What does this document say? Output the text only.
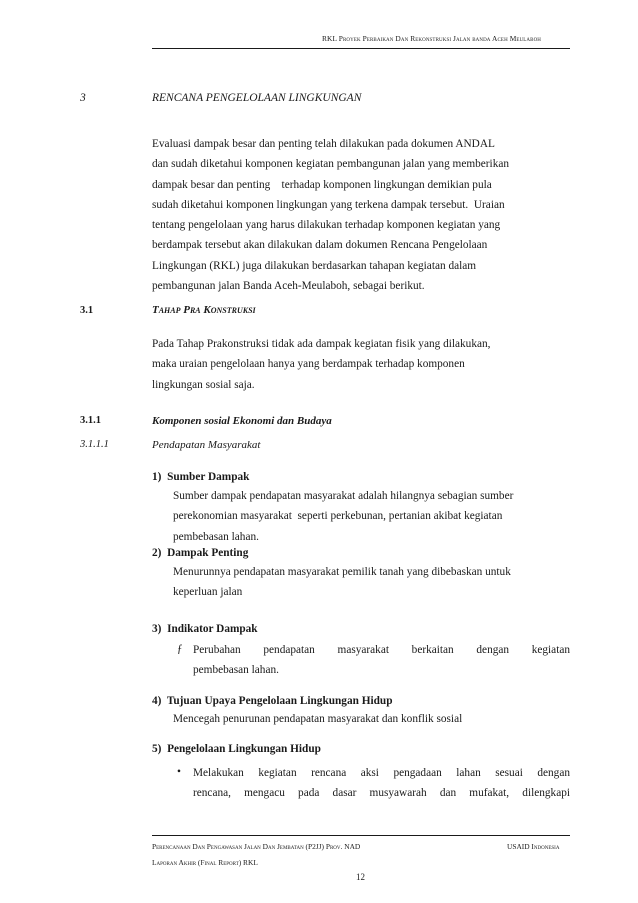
RKL Proyek Perbaikan Dan Rekonstruksi Jalan banda Aceh Meulaboh
3	RENCANA PENGELOLAAN LINGKUNGAN
Evaluasi dampak besar dan penting telah dilakukan pada dokumen ANDAL
dan sudah diketahui komponen kegiatan pembangunan jalan yang memberikan
dampak besar dan penting    terhadap komponen lingkungan demikian pula
sudah diketahui komponen lingkungan yang terkena dampak tersebut.  Uraian
tentang pengelolaan yang harus dilakukan terhadap komponen kegiatan yang
berdampak tersebut akan dilakukan dalam dokumen Rencana Pengelolaan
Lingkungan (RKL) juga dilakukan berdasarkan tahapan kegiatan dalam
pembangunan jalan Banda Aceh-Meulaboh, sebagai berikut.
3.1	Tahap Pra Konstruksi
Pada Tahap Prakonstruksi tidak ada dampak kegiatan fisik yang dilakukan,
maka uraian pengelolaan hanya yang berdampak terhadap komponen
lingkungan sosial saja.
3.1.1	Komponen sosial Ekonomi dan Budaya
3.1.1.1	Pendapatan Masyarakat
1) Sumber Dampak
Sumber dampak pendapatan masyarakat adalah hilangnya sebagian sumber
perekonomian masyarakat  seperti perkebunan, pertanian akibat kegiatan
pembebasan lahan.
2) Dampak Penting
Menurunnya pendapatan masyarakat pemilik tanah yang dibebaskan untuk
keperluan jalan
3) Indikator Dampak
ƒ Perubahan pendapatan masyarakat berkaitan dengan kegiatan
pembebasan lahan.
4) Tujuan Upaya Pengelolaan Lingkungan Hidup
Mencegah penurunan pendapatan masyarakat dan konflik sosial
5) Pengelolaan Lingkungan Hidup
• Melakukan kegiatan rencana aksi pengadaan lahan sesuai dengan
rencana, mengacu pada dasar musyawarah dan mufakat, dilengkapi
Perencanaan Dan Pengawasan Jalan Dan Jembatan (P2JJ) Prov. NAD
Laporan Akhir (Final Report) RKL
USAID Indonesia
12
